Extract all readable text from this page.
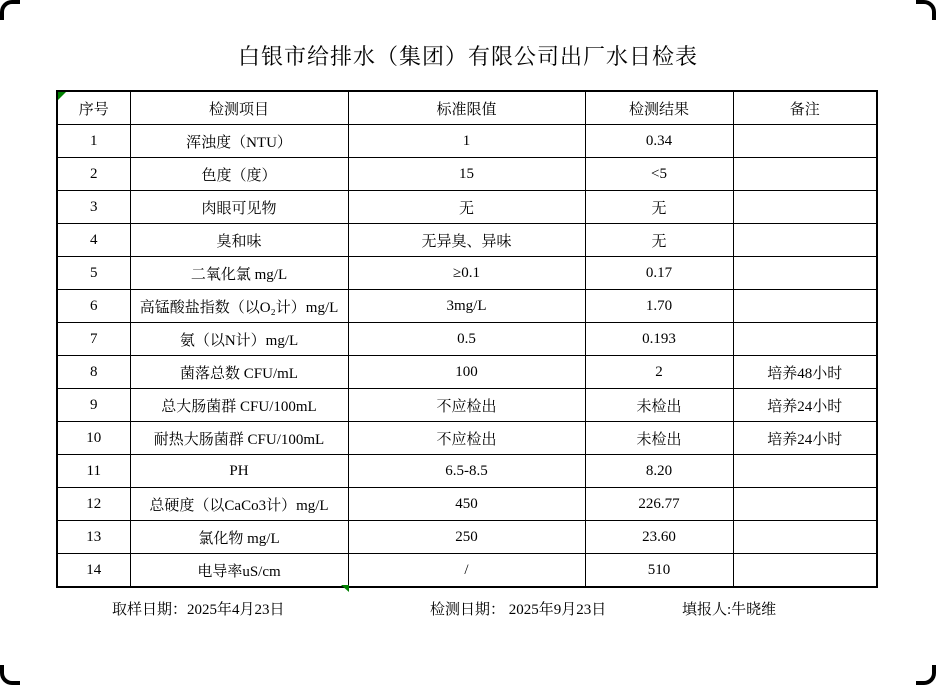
白银市给排水（集团）有限公司出厂水日检表
序号	检测项目	标准限值	检测结果	备注
1	浑浊度（NTU）	1	0.34	
2	色度（度）	15	<5	
3	肉眼可见物	无	无	
4	臭和味	无异臭、异味	无	
5	二氧化氯 mg/L	≥0.1	0.17	
6	高锰酸盐指数（以O₂计）mg/L	3mg/L	1.70	
7	氨（以N计）mg/L	0.5	0.193	
8	菌落总数 CFU/mL	100	2	培养48小时
9	总大肠菌群 CFU/100mL	不应检出	未检出	培养24小时
10	耐热大肠菌群 CFU/100mL	不应检出	未检出	培养24小时
11	PH	6.5-8.5	8.20	
12	总硬度（以CaCo3计）mg/L	450	226.77	
13	氯化物 mg/L	250	23.60	
14	电导率uS/cm	/	510	
取样日期：2025年4月23日	检测日期： 2025年9月23日	填报人:牛晓维
